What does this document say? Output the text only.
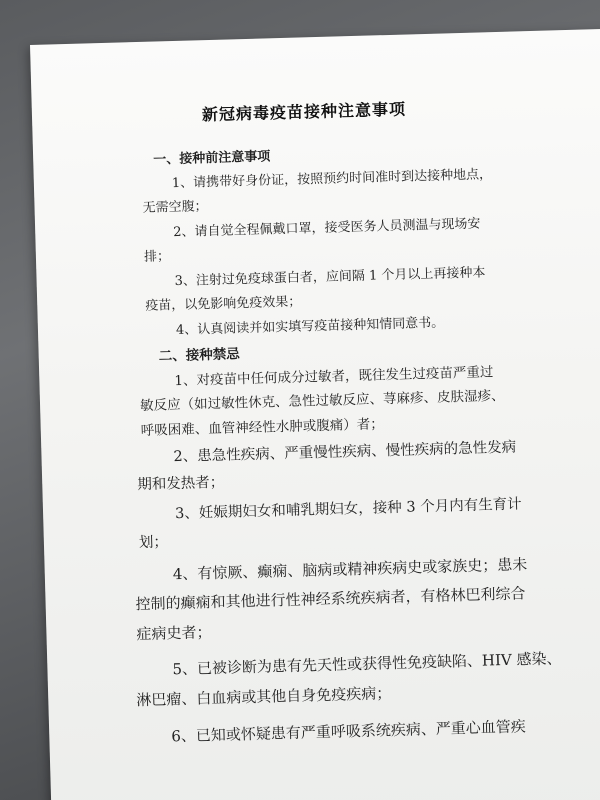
新冠病毒疫苗接种注意事项
一、接种前注意事项
1、请携带好身份证，按照预约时间准时到达接种地点，
无需空腹；
2、请自觉全程佩戴口罩，接受医务人员测温与现场安
排；
3、注射过免疫球蛋白者，应间隔 1 个月以上再接种本
疫苗，以免影响免疫效果；
4、认真阅读并如实填写疫苗接种知情同意书。
二、接种禁忌
1、对疫苗中任何成分过敏者，既往发生过疫苗严重过
敏反应（如过敏性休克、急性过敏反应、荨麻疹、皮肤湿疹、
呼吸困难、血管神经性水肿或腹痛）者；
2、患急性疾病、严重慢性疾病、慢性疾病的急性发病
期和发热者；
3、妊娠期妇女和哺乳期妇女，接种 3 个月内有生育计
划；
4、有惊厥、癫痫、脑病或精神疾病史或家族史；患未
控制的癫痫和其他进行性神经系统疾病者，有格林巴利综合
症病史者；
5、已被诊断为患有先天性或获得性免疫缺陷、HIV 感染、
淋巴瘤、白血病或其他自身免疫疾病；
6、已知或怀疑患有严重呼吸系统疾病、严重心血管疾
